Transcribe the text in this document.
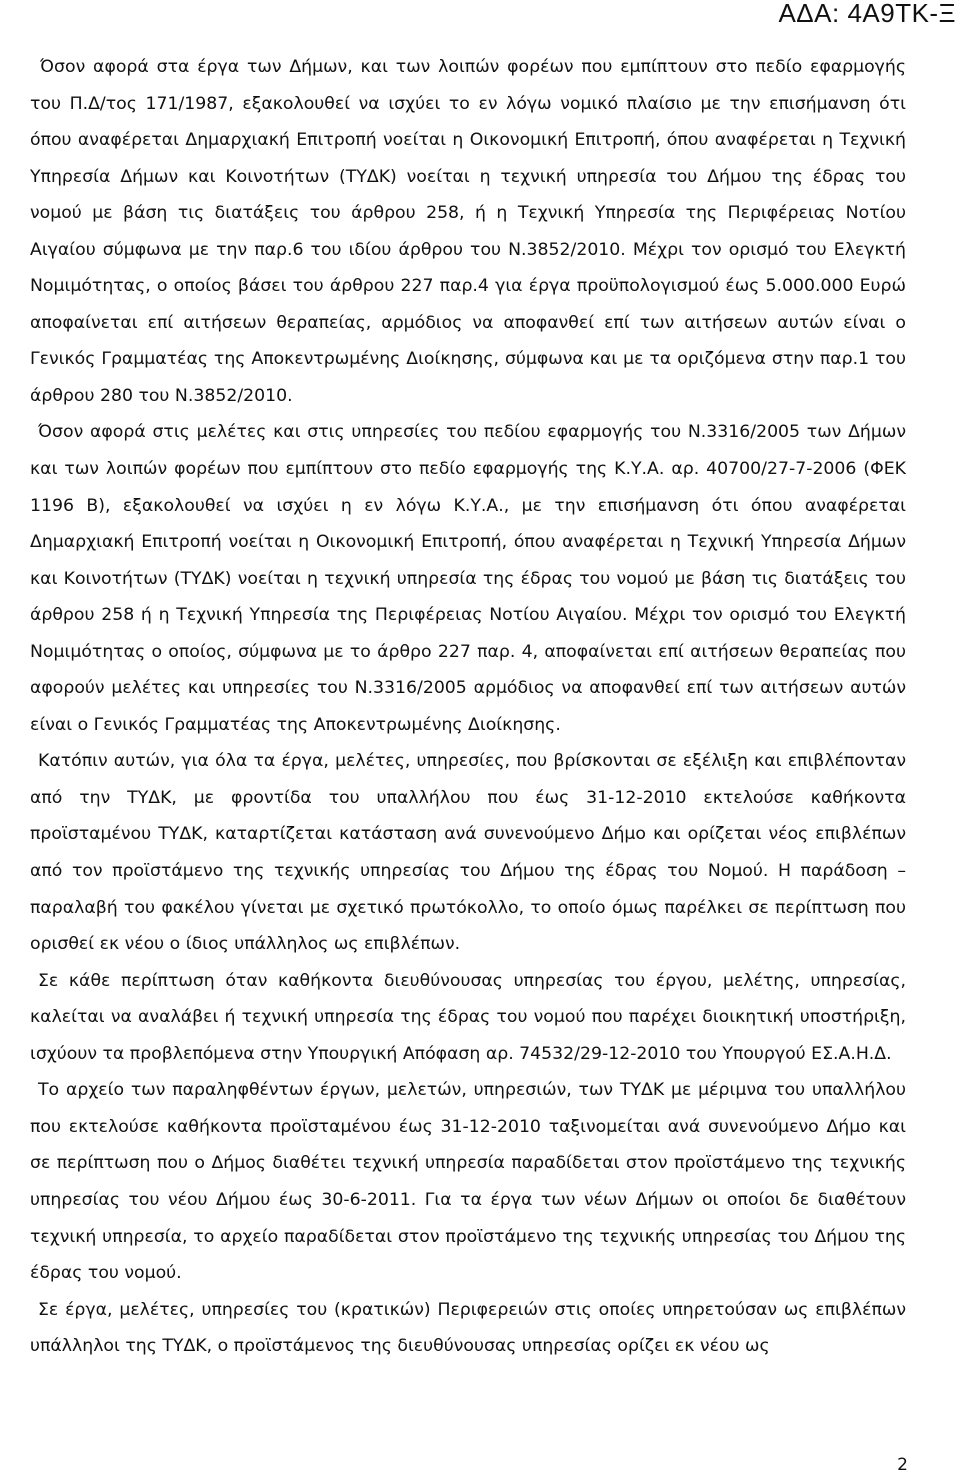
ΑΔΑ: 4Α9ΤΚ-Ξ

Όσον αφορά στα έργα των Δήμων, και των λοιπών φορέων που εμπίπτουν στο πεδίο εφαρμογής του Π.Δ/τος 171/1987, εξακολουθεί να ισχύει το εν λόγω νομικό πλαίσιο με την επισήμανση ότι όπου αναφέρεται Δημαρχιακή Επιτροπή νοείται η Οικονομική Επιτροπή, όπου αναφέρεται η Τεχνική Υπηρεσία Δήμων και Κοινοτήτων (ΤΥΔΚ) νοείται η τεχνική υπηρεσία του Δήμου της έδρας του νομού με βάση τις διατάξεις του άρθρου 258, ή η Τεχνική Υπηρεσία της Περιφέρειας Νοτίου Αιγαίου σύμφωνα με την παρ.6 του ιδίου άρθρου του Ν.3852/2010. Μέχρι τον ορισμό του Ελεγκτή Νομιμότητας, ο οποίος βάσει του άρθρου 227 παρ.4 για έργα προϋπολογισμού έως 5.000.000 Ευρώ αποφαίνεται επί αιτήσεων θεραπείας, αρμόδιος να αποφανθεί επί των αιτήσεων αυτών είναι ο Γενικός Γραμματέας της Αποκεντρωμένης Διοίκησης, σύμφωνα και με τα οριζόμενα στην παρ.1 του άρθρου 280 του Ν.3852/2010.

Όσον αφορά στις μελέτες και στις υπηρεσίες του πεδίου εφαρμογής του Ν.3316/2005 των Δήμων και των λοιπών φορέων που εμπίπτουν στο πεδίο εφαρμογής της Κ.Υ.Α. αρ. 40700/27-7-2006 (ΦΕΚ 1196 Β), εξακολουθεί να ισχύει η εν λόγω Κ.Υ.Α., με την επισήμανση ότι όπου αναφέρεται Δημαρχιακή Επιτροπή νοείται η Οικονομική Επιτροπή, όπου αναφέρεται η Τεχνική Υπηρεσία Δήμων και Κοινοτήτων (ΤΥΔΚ) νοείται η τεχνική υπηρεσία της έδρας του νομού με βάση τις διατάξεις του άρθρου 258 ή η Τεχνική Υπηρεσία της Περιφέρειας Νοτίου Αιγαίου. Μέχρι τον ορισμό του Ελεγκτή Νομιμότητας ο οποίος, σύμφωνα με το άρθρο 227 παρ. 4, αποφαίνεται επί αιτήσεων θεραπείας που αφορούν μελέτες και υπηρεσίες του Ν.3316/2005 αρμόδιος να αποφανθεί επί των αιτήσεων αυτών είναι ο Γενικός Γραμματέας της Αποκεντρωμένης Διοίκησης.

Κατόπιν αυτών, για όλα τα έργα, μελέτες, υπηρεσίες, που βρίσκονται σε εξέλιξη και επιβλέπονταν από την ΤΥΔΚ, με φροντίδα του υπαλλήλου που έως 31-12-2010 εκτελούσε καθήκοντα προϊσταμένου ΤΥΔΚ, καταρτίζεται κατάσταση ανά συνενούμενο Δήμο και ορίζεται νέος επιβλέπων από τον προϊστάμενο της τεχνικής υπηρεσίας του Δήμου της έδρας του Νομού. Η παράδοση – παραλαβή του φακέλου γίνεται με σχετικό πρωτόκολλο, το οποίο όμως παρέλκει σε περίπτωση που ορισθεί εκ νέου ο ίδιος υπάλληλος ως επιβλέπων.

Σε κάθε περίπτωση όταν καθήκοντα διευθύνουσας υπηρεσίας του έργου, μελέτης, υπηρεσίας, καλείται να αναλάβει ή τεχνική υπηρεσία της έδρας του νομού που παρέχει διοικητική υποστήριξη, ισχύουν τα προβλεπόμενα στην Υπουργική Απόφαση αρ. 74532/29-12-2010 του Υπουργού ΕΣ.Α.Η.Δ.

Το αρχείο των παραληφθέντων έργων, μελετών, υπηρεσιών, των ΤΥΔΚ με μέριμνα του υπαλλήλου που εκτελούσε καθήκοντα προϊσταμένου έως 31-12-2010 ταξινομείται ανά συνενούμενο Δήμο και σε περίπτωση που ο Δήμος διαθέτει τεχνική υπηρεσία παραδίδεται στον προϊστάμενο της τεχνικής υπηρεσίας του νέου Δήμου έως 30-6-2011. Για τα έργα των νέων Δήμων οι οποίοι δε διαθέτουν τεχνική υπηρεσία, το αρχείο παραδίδεται στον προϊστάμενο της τεχνικής υπηρεσίας του Δήμου της έδρας του νομού.

Σε έργα, μελέτες, υπηρεσίες του (κρατικών) Περιφερειών στις οποίες υπηρετούσαν ως επιβλέπων υπάλληλοι της ΤΥΔΚ, ο προϊστάμενος της διευθύνουσας υπηρεσίας ορίζει εκ νέου ως

2
